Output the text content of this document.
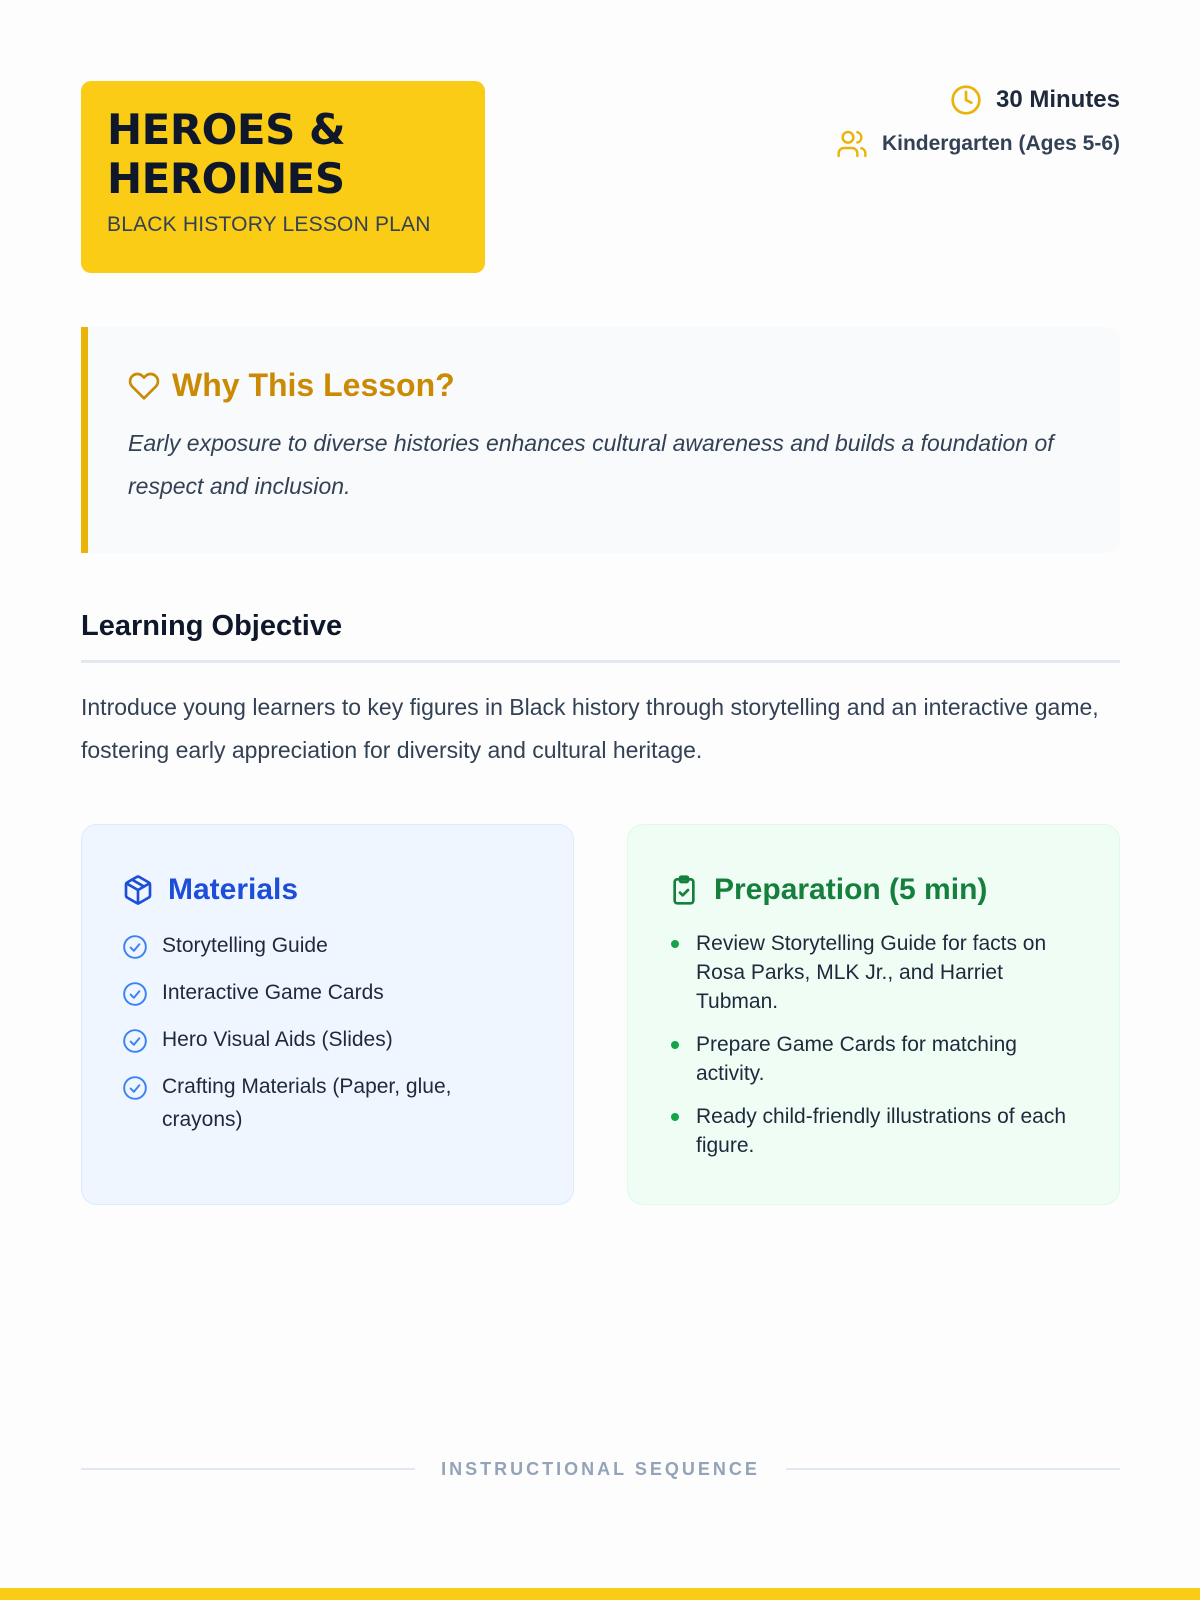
HEROES &
HEROINES
BLACK HISTORY LESSON PLAN
30 Minutes
Kindergarten (Ages 5-6)
Why This Lesson?

Early exposure to diverse histories enhances cultural awareness and builds a foundation of respect and inclusion.

Learning Objective

Introduce young learners to key figures in Black history through storytelling and an interactive game, fostering early appreciation for diversity and cultural heritage.

Materials
Storytelling Guide
Interactive Game Cards
Hero Visual Aids (Slides)
Crafting Materials (Paper, glue, crayons)
Preparation (5 min)
Review Storytelling Guide for facts on Rosa Parks, MLK Jr., and Harriet Tubman.
Prepare Game Cards for matching activity.
Ready child-friendly illustrations of each figure.
INSTRUCTIONAL SEQUENCE
